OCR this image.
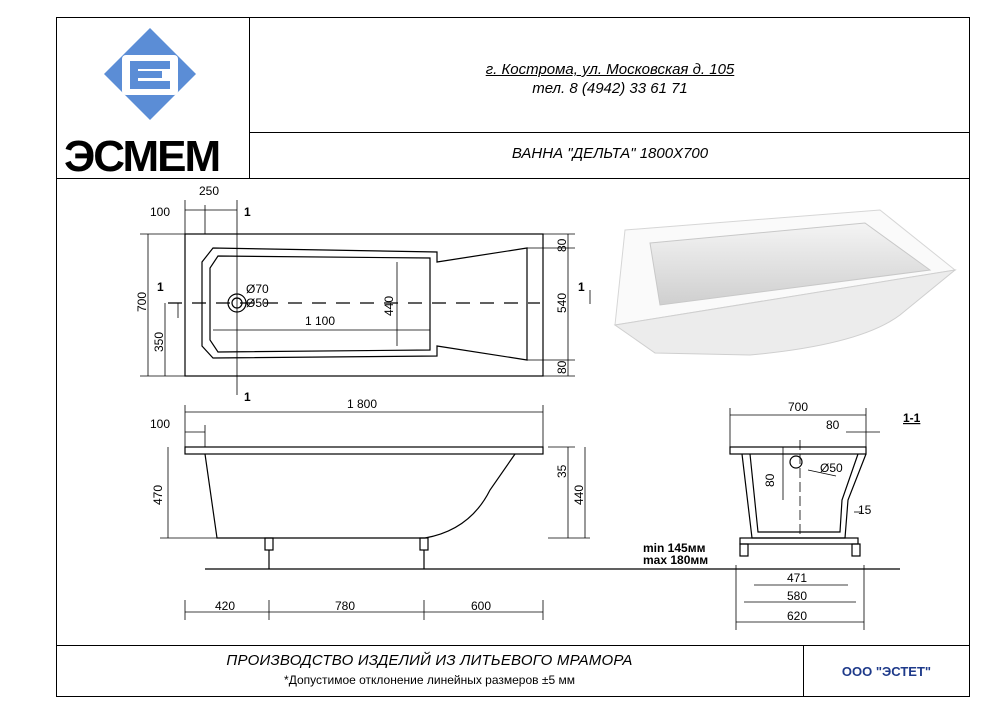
250
100	1
1
1	1
700
350
Ø70
Ø50
1 100
440
80
540
80
1 800
100
470
35
440
420	780	600
700
80	1-1
80
Ø50
15
min 145мм
max 180мм
471
580
620
ЭСМЕМ
г. Кострома, ул. Московская д. 105
тел. 8 (4942) 33 61 71
ВАННА "ДЕЛЬТА" 1800Х700
ПРОИЗВОДСТВО ИЗДЕЛИЙ ИЗ ЛИТЬЕВОГО МРАМОРА
*Допустимое отклонение линейных размеров ±5 мм
ООО "ЭСТЕТ"
